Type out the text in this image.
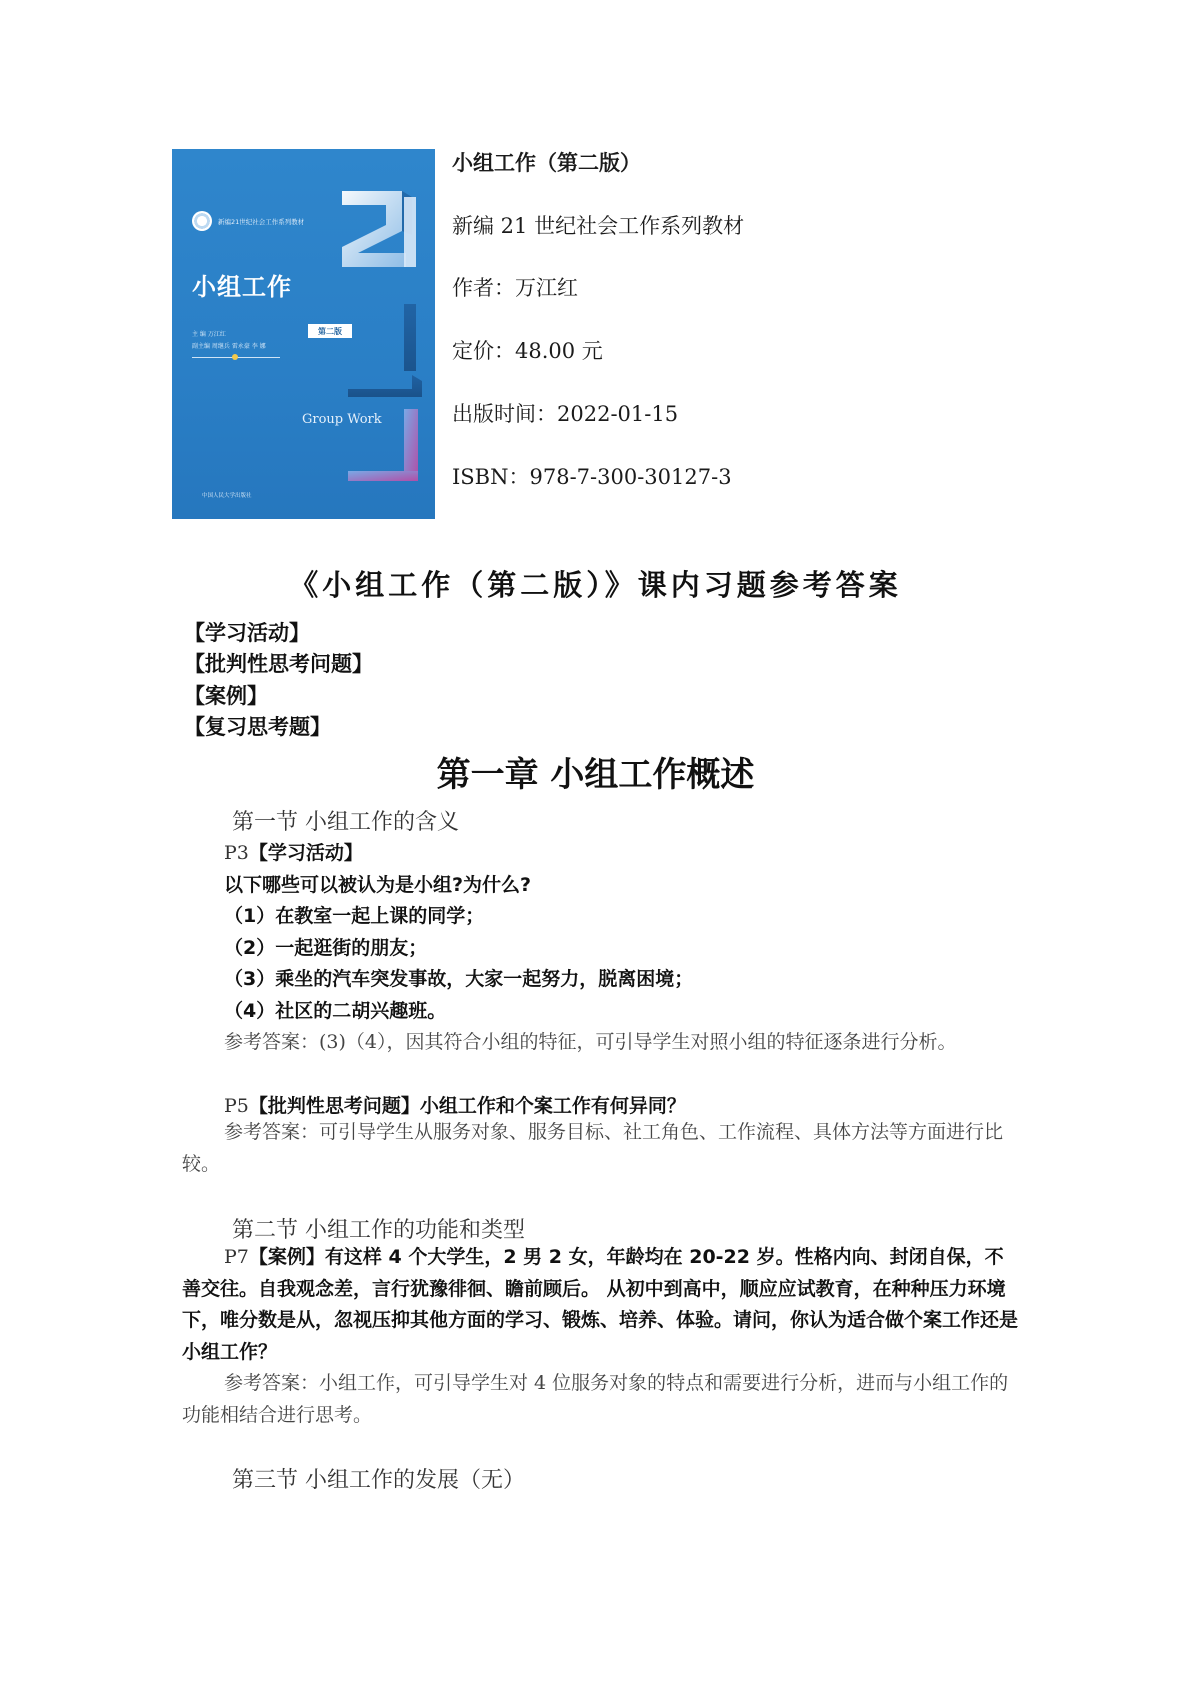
新编21世纪社会工作系列教材
小组工作
主 编 万江红
副主编 周继兵 雷永豪 李 娜
第二版
Group Work
中国人民大学出版社
小组工作（第二版）
新编 21 世纪社会工作系列教材
作者：万江红
定价：48.00 元
出版时间：2022-01-15
ISBN：978-7-300-30127-3
《小组工作（第二版）》课内习题参考答案
【学习活动】
【批判性思考问题】
【案例】
【复习思考题】
第一章 小组工作概述
第一节 小组工作的含义
P3【学习活动】
以下哪些可以被认为是小组?为什么?
（1）在教室一起上课的同学；
（2）一起逛街的朋友；
（3）乘坐的汽车突发事故，大家一起努力，脱离困境；
（4）社区的二胡兴趣班。
参考答案：(3)（4），因其符合小组的特征，可引导学生对照小组的特征逐条进行分析。
P5【批判性思考问题】小组工作和个案工作有何异同？
参考答案：可引导学生从服务对象、服务目标、社工角色、工作流程、具体方法等方面进行比较。
第二节 小组工作的功能和类型
P7【案例】有这样 4 个大学生，2 男 2 女，年龄均在 20-22 岁。性格内向、封闭自保，不善交往。自我观念差，言行犹豫徘徊、瞻前顾后。 从初中到高中，顺应应试教育，在种种压力环境下，唯分数是从，忽视压抑其他方面的学习、锻炼、培养、体验。请问，你认为适合做个案工作还是小组工作？
参考答案：小组工作，可引导学生对 4 位服务对象的特点和需要进行分析，进而与小组工作的功能相结合进行思考。
第三节 小组工作的发展（无）
